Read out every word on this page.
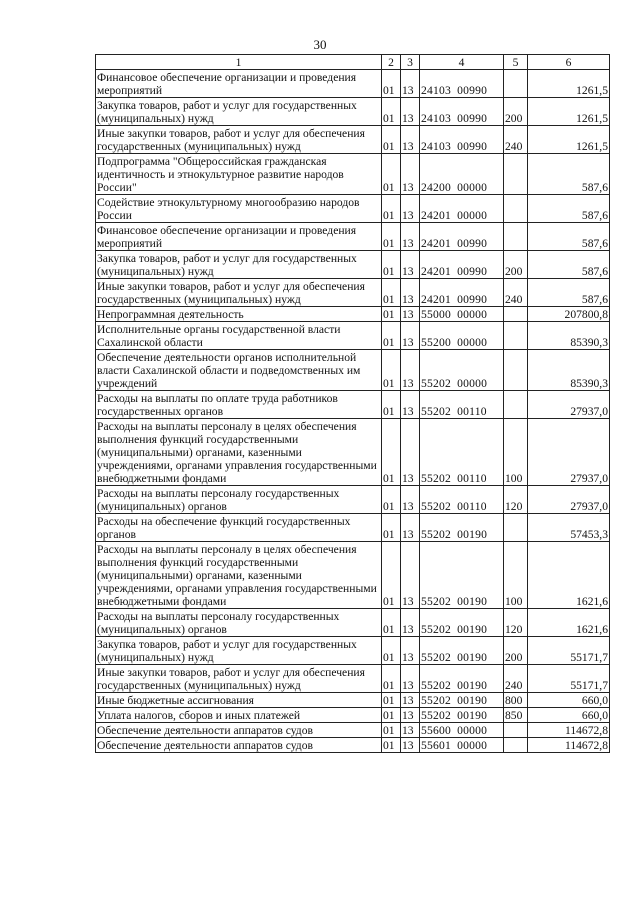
30
1	2	3	4	5	6
Финансовое обеспечение организации и проведения мероприятий	01	13	24103  00990		1261,5
Закупка товаров, работ и услуг для государственных (муниципальных) нужд	01	13	24103  00990	200	1261,5
Иные закупки товаров, работ и услуг для обеспечения государственных (муниципальных) нужд	01	13	24103  00990	240	1261,5
Подпрограмма "Общероссийская гражданская идентичность и этнокультурное развитие народов России"	01	13	24200  00000		587,6
Содействие этнокультурному многообразию народов России	01	13	24201  00000		587,6
Финансовое обеспечение организации и проведения мероприятий	01	13	24201  00990		587,6
Закупка товаров, работ и услуг для государственных (муниципальных) нужд	01	13	24201  00990	200	587,6
Иные закупки товаров, работ и услуг для обеспечения государственных (муниципальных) нужд	01	13	24201  00990	240	587,6
Непрограммная деятельность	01	13	55000  00000		207800,8
Исполнительные органы государственной власти Сахалинской области	01	13	55200  00000		85390,3
Обеспечение деятельности органов исполнительной власти Сахалинской области и подведомственных им учреждений	01	13	55202  00000		85390,3
Расходы на выплаты по оплате труда работников государственных органов	01	13	55202  00110		27937,0
Расходы на выплаты персоналу в целях обеспечения выполнения функций государственными (муниципальными) органами, казенными учреждениями, органами управления государственными внебюджетными фондами	01	13	55202  00110	100	27937,0
Расходы на выплаты персоналу государственных (муниципальных) органов	01	13	55202  00110	120	27937,0
Расходы на обеспечение функций государственных органов	01	13	55202  00190		57453,3
Расходы на выплаты персоналу в целях обеспечения выполнения функций государственными (муниципальными) органами, казенными учреждениями, органами управления государственными внебюджетными фондами	01	13	55202  00190	100	1621,6
Расходы на выплаты персоналу государственных (муниципальных) органов	01	13	55202  00190	120	1621,6
Закупка товаров, работ и услуг для государственных (муниципальных) нужд	01	13	55202  00190	200	55171,7
Иные закупки товаров, работ и услуг для обеспечения государственных (муниципальных) нужд	01	13	55202  00190	240	55171,7
Иные бюджетные ассигнования	01	13	55202  00190	800	660,0
Уплата налогов, сборов и иных платежей	01	13	55202  00190	850	660,0
Обеспечение деятельности аппаратов судов	01	13	55600  00000		114672,8
Обеспечение деятельности аппаратов судов	01	13	55601  00000		114672,8
